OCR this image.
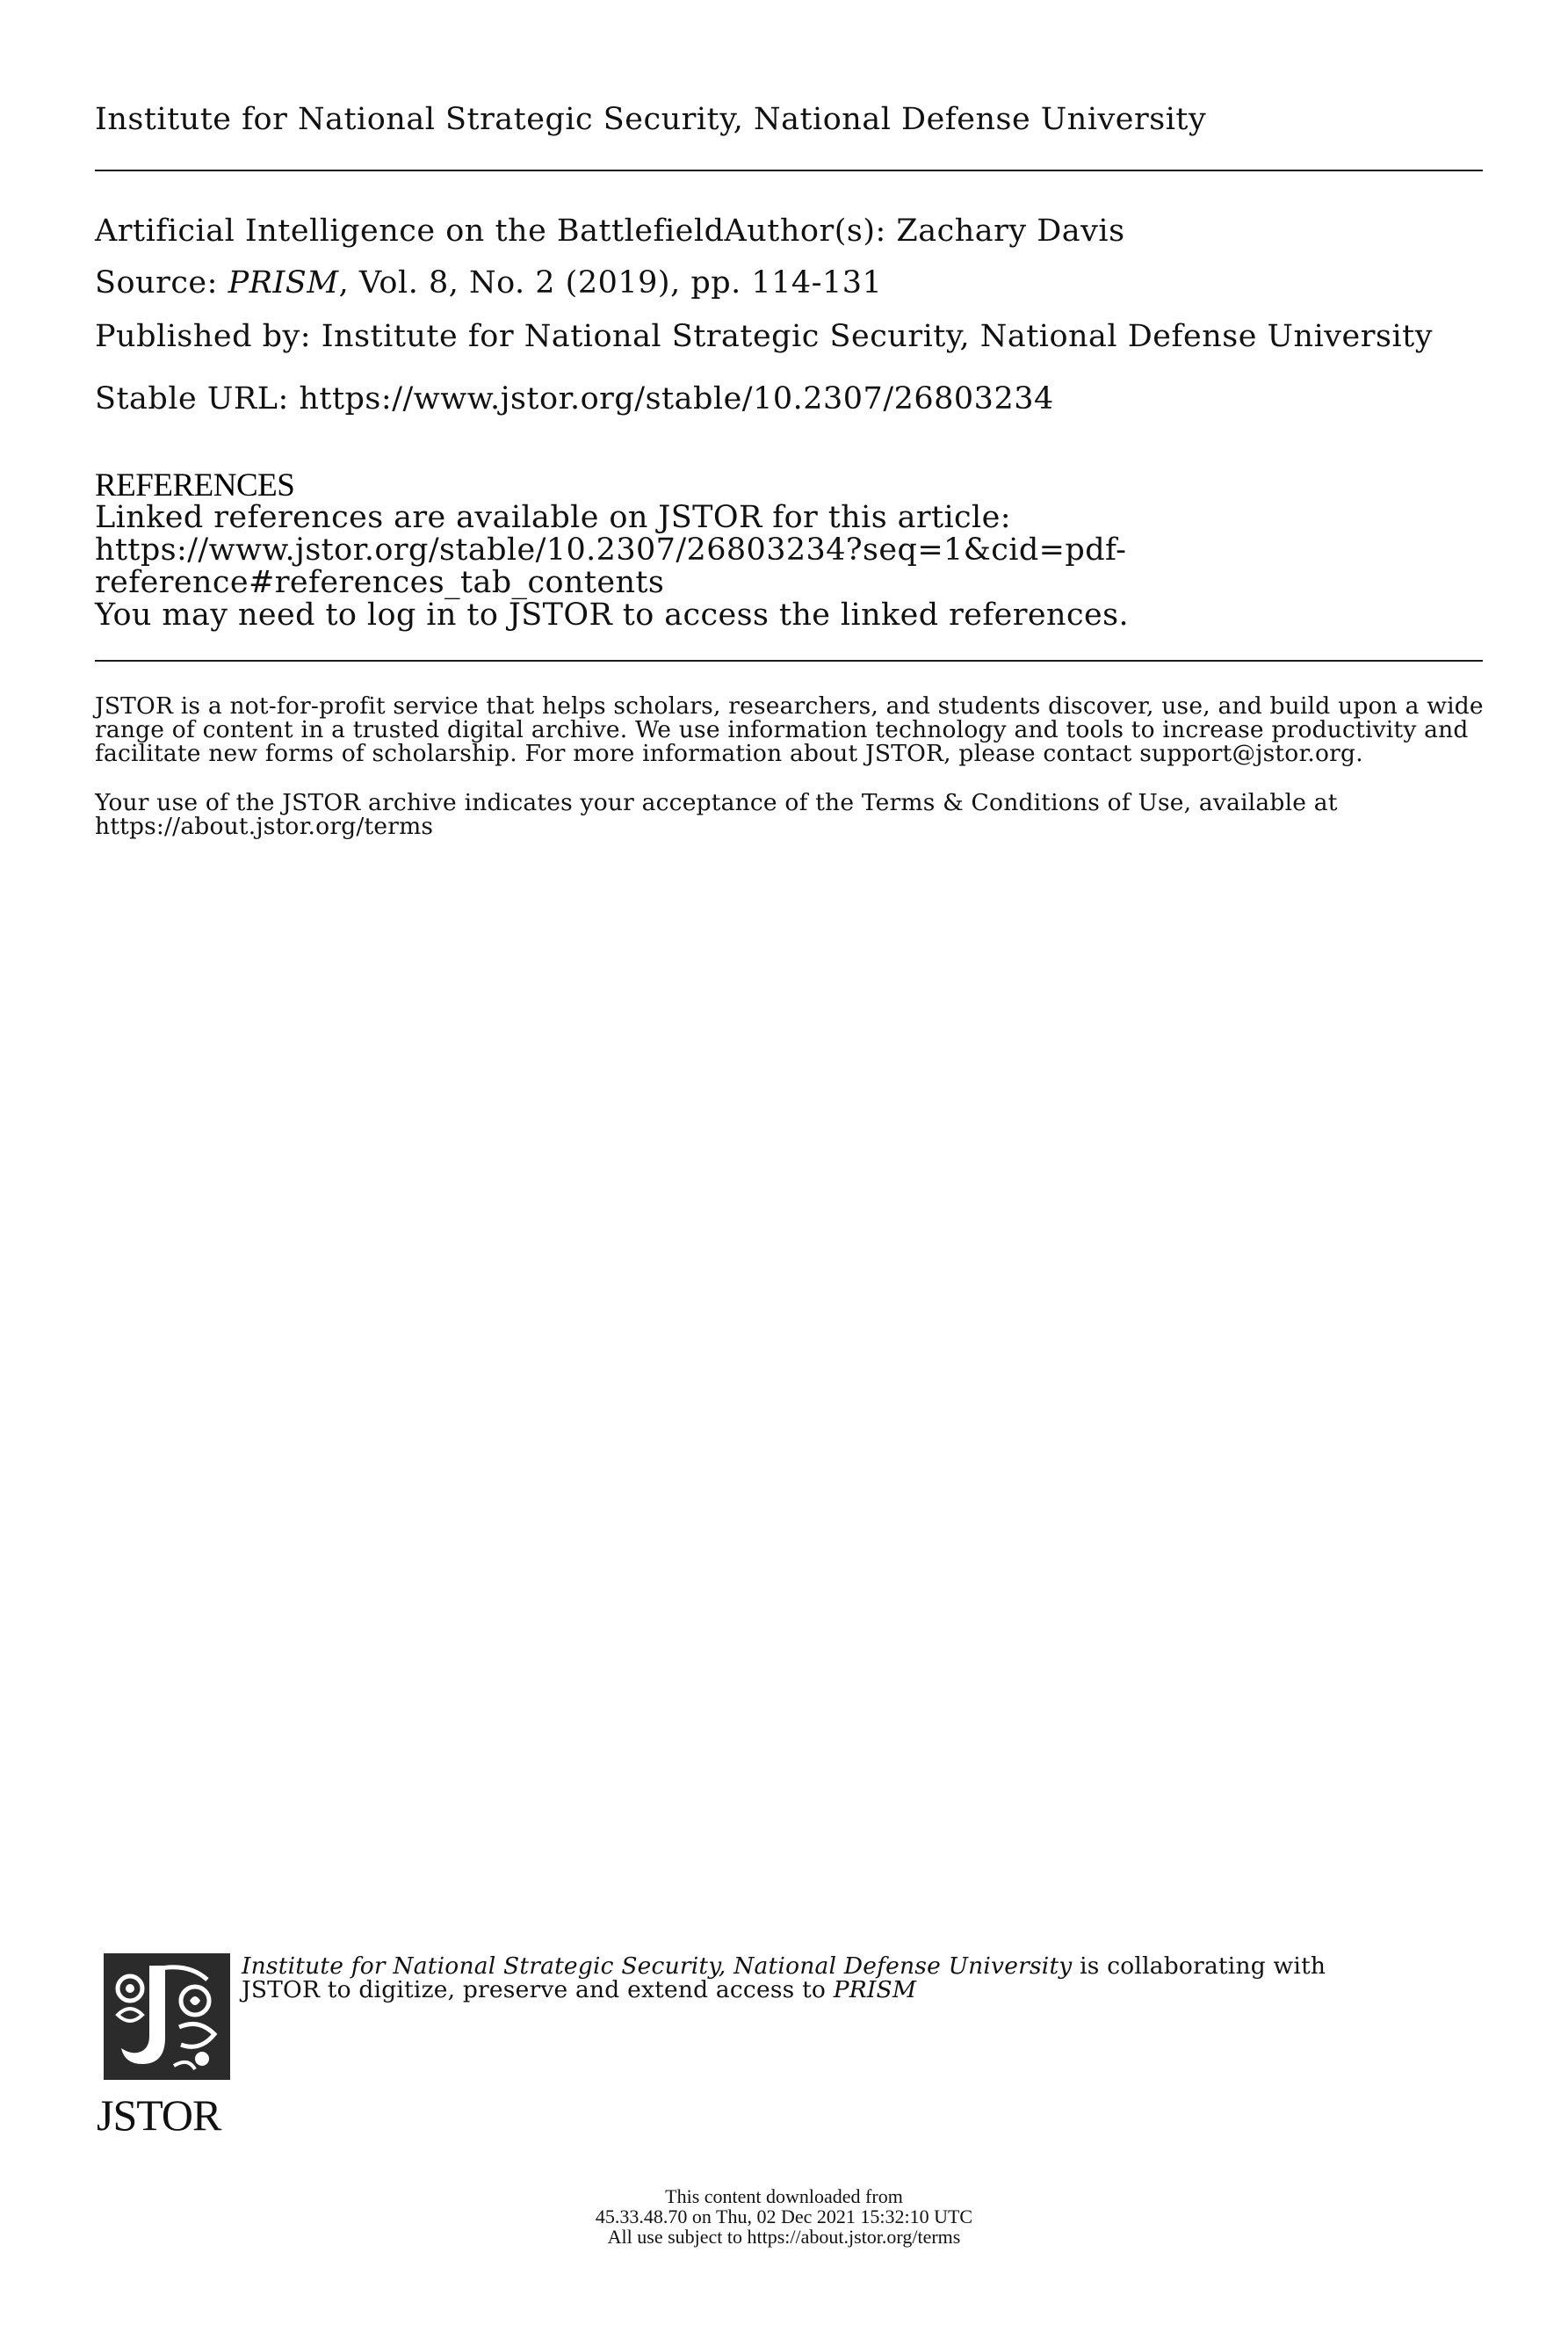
Institute for National Strategic Security, National Defense University
Artificial Intelligence on the BattlefieldAuthor(s): Zachary Davis
Source: PRISM, Vol. 8, No. 2 (2019), pp. 114-131
Published by: Institute for National Strategic Security, National Defense University
Stable URL: https://www.jstor.org/stable/10.2307/26803234
REFERENCES
Linked references are available on JSTOR for this article:
https://www.jstor.org/stable/10.2307/26803234?seq=1&cid=pdf-
reference#references_tab_contents
You may need to log in to JSTOR to access the linked references.
JSTOR is a not-for-profit service that helps scholars, researchers, and students discover, use, and build upon a wide
range of content in a trusted digital archive. We use information technology and tools to increase productivity and
facilitate new forms of scholarship. For more information about JSTOR, please contact support@jstor.org.
Your use of the JSTOR archive indicates your acceptance of the Terms & Conditions of Use, available at
https://about.jstor.org/terms
JSTOR
Institute for National Strategic Security, National Defense University is collaborating with
JSTOR to digitize, preserve and extend access to PRISM
This content downloaded from
45.33.48.70 on Thu, 02 Dec 2021 15:32:10 UTC
All use subject to https://about.jstor.org/terms
